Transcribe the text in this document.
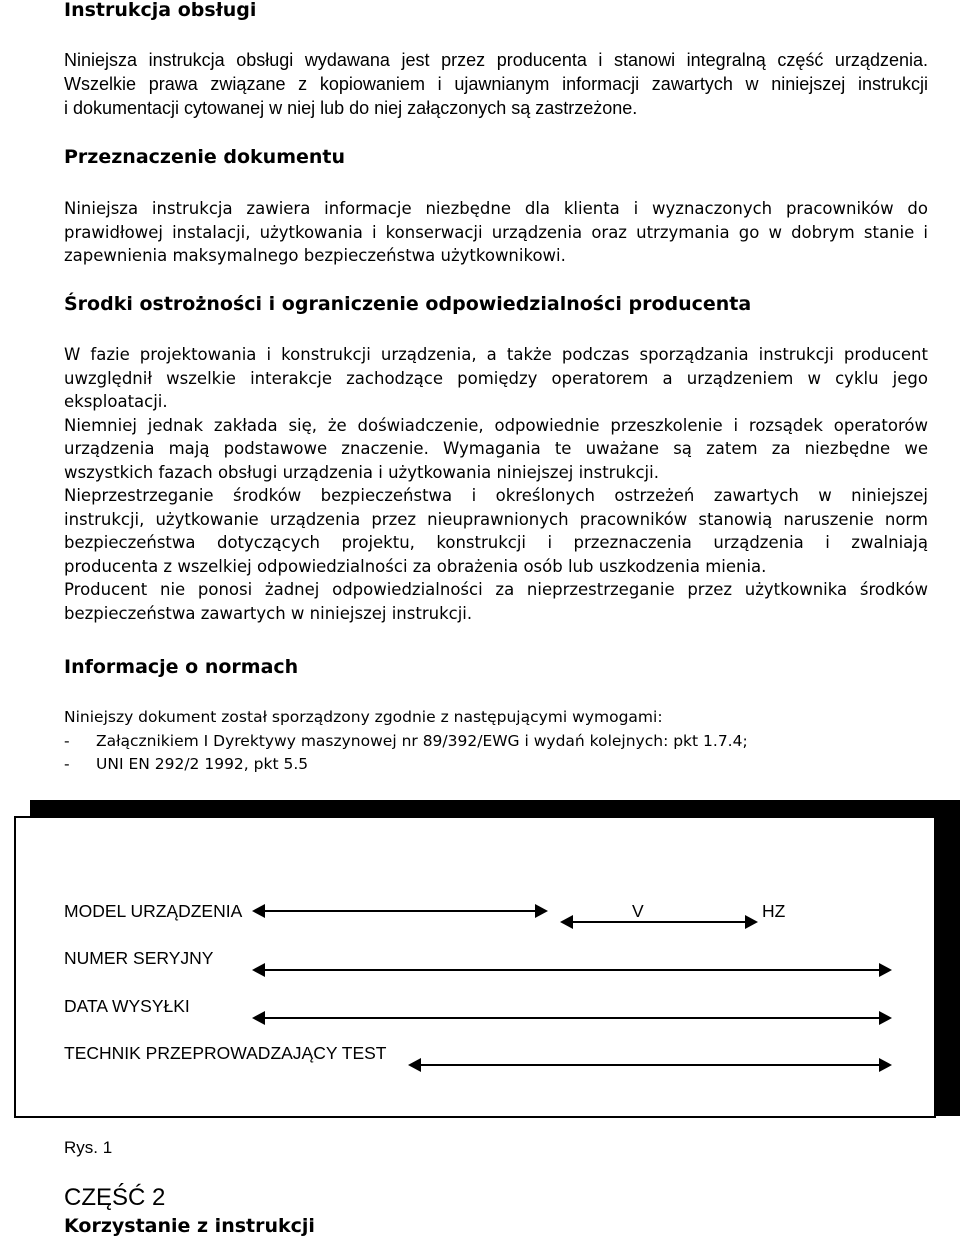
Instrukcja obsługi
Niniejsza instrukcja obsługi wydawana jest przez producenta i stanowi integralną część urządzenia.
Wszelkie prawa związane z kopiowaniem i ujawnianym informacji zawartych w niniejszej instrukcji
i dokumentacji cytowanej w niej lub do niej załączonych są zastrzeżone.
Przeznaczenie dokumentu
Niniejsza instrukcja zawiera informacje niezbędne dla klienta i wyznaczonych pracowników do
prawidłowej instalacji, użytkowania i konserwacji urządzenia oraz utrzymania go w dobrym stanie i
zapewnienia maksymalnego bezpieczeństwa użytkownikowi.
Środki ostrożności i ograniczenie odpowiedzialności producenta
W fazie projektowania i konstrukcji urządzenia, a także podczas sporządzania instrukcji producent
uwzględnił wszelkie interakcje zachodzące pomiędzy operatorem a urządzeniem w cyklu jego
eksploatacji.
Niemniej jednak zakłada się, że doświadczenie, odpowiednie przeszkolenie i rozsądek operatorów
urządzenia mają podstawowe znaczenie. Wymagania te uważane są zatem za niezbędne we
wszystkich fazach obsługi urządzenia i użytkowania niniejszej instrukcji.
Nieprzestrzeganie środków bezpieczeństwa i określonych ostrzeżeń zawartych w niniejszej
instrukcji, użytkowanie urządzenia przez nieuprawnionych pracowników stanowią naruszenie norm
bezpieczeństwa dotyczących projektu, konstrukcji i przeznaczenia urządzenia i zwalniają
producenta z wszelkiej odpowiedzialności za obrażenia osób lub uszkodzenia mienia.
Producent nie ponosi żadnej odpowiedzialności za nieprzestrzeganie przez użytkownika środków
bezpieczeństwa zawartych w niniejszej instrukcji.
Informacje o normach
Niniejszy dokument został sporządzony zgodnie z następującymi wymogami:
- Załącznikiem I Dyrektywy maszynowej nr 89/392/EWG i wydań kolejnych: pkt 1.7.4;
- UNI EN 292/2 1992, pkt 5.5
MODEL URZĄDZENIA	V	HZ
NUMER SERYJNY
DATA WYSYŁKI
TECHNIK PRZEPROWADZAJĄCY TEST
Rys. 1
CZĘŚĆ 2
Korzystanie z instrukcji
